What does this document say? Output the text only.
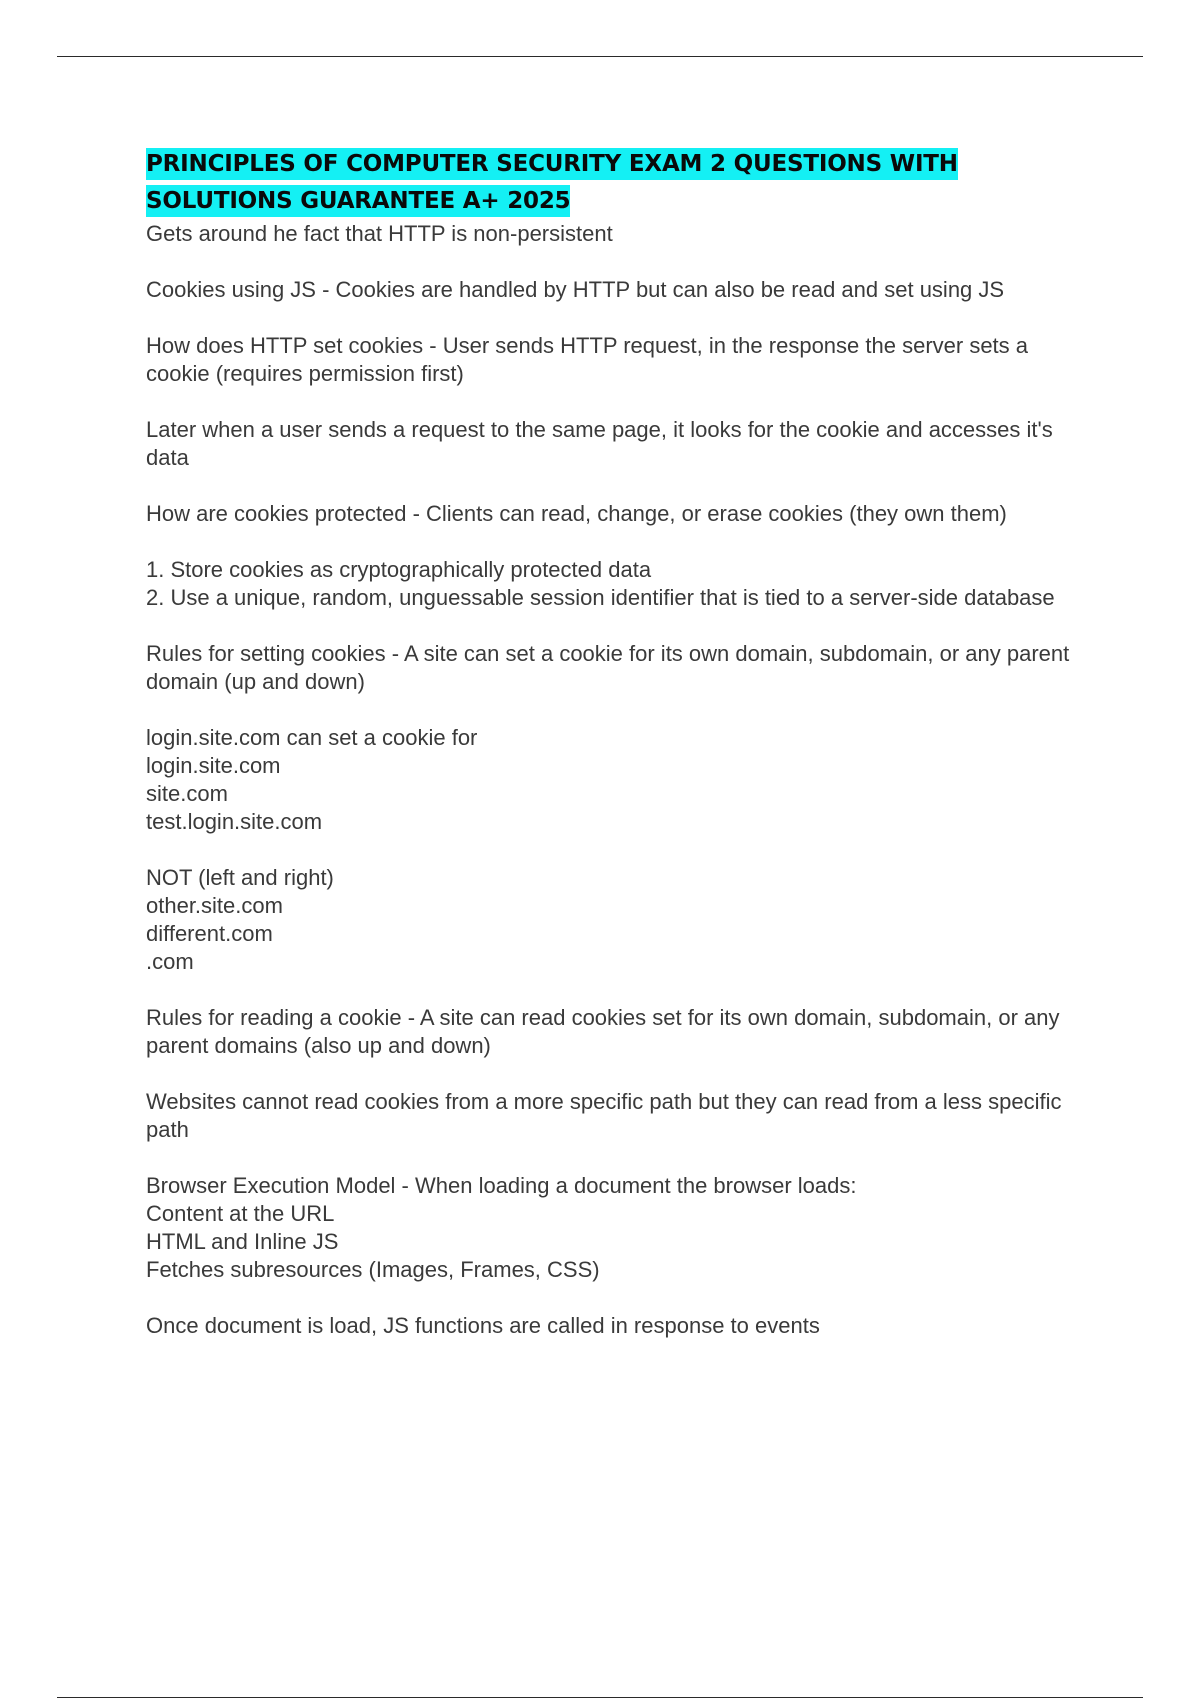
PRINCIPLES OF COMPUTER SECURITY EXAM 2 QUESTIONS WITH SOLUTIONS GUARANTEE A+ 2025

Gets around he fact that HTTP is non-persistent

Cookies using JS - Cookies are handled by HTTP but can also be read and set using JS

How does HTTP set cookies - User sends HTTP request, in the response the server sets a cookie (requires permission first)

Later when a user sends a request to the same page, it looks for the cookie and accesses it's data

How are cookies protected - Clients can read, change, or erase cookies (they own them)

1. Store cookies as cryptographically protected data
2. Use a unique, random, unguessable session identifier that is tied to a server-side database

Rules for setting cookies - A site can set a cookie for its own domain, subdomain, or any parent domain (up and down)

login.site.com can set a cookie for
login.site.com
site.com
test.login.site.com

NOT (left and right)
other.site.com
different.com
.com

Rules for reading a cookie - A site can read cookies set for its own domain, subdomain, or any parent domains (also up and down)

Websites cannot read cookies from a more specific path but they can read from a less specific path

Browser Execution Model - When loading a document the browser loads:
Content at the URL
HTML and Inline JS
Fetches subresources (Images, Frames, CSS)

Once document is load, JS functions are called in response to events
